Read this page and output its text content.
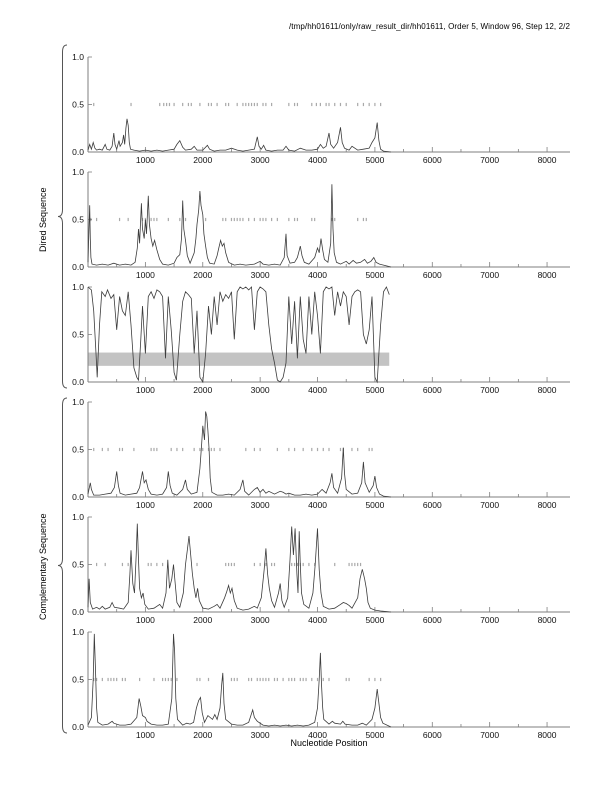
/tmp/hh01611/only/raw_result_dir/hh01611, Order 5, Window 96, Step 12, 2/2
Dired Sequence
Complementary Sequence
1000	2000	3000	4000	5000	6000	7000	8000
0.0
0.5
1.0
1000	2000	3000	4000	5000	6000	7000	8000
0.0
0.5
1.0
1000	2000	3000	4000	5000	6000	7000	8000
0.0
0.5
1.0
1000	2000	3000	4000	5000	6000	7000	8000
0.0
0.5
1.0
1000	2000	3000	4000	5000	6000	7000	8000
0.0
0.5
1.0
1000	2000	3000	4000	5000	6000	7000	8000
0.0
0.5
1.0
Nucleotide Position
